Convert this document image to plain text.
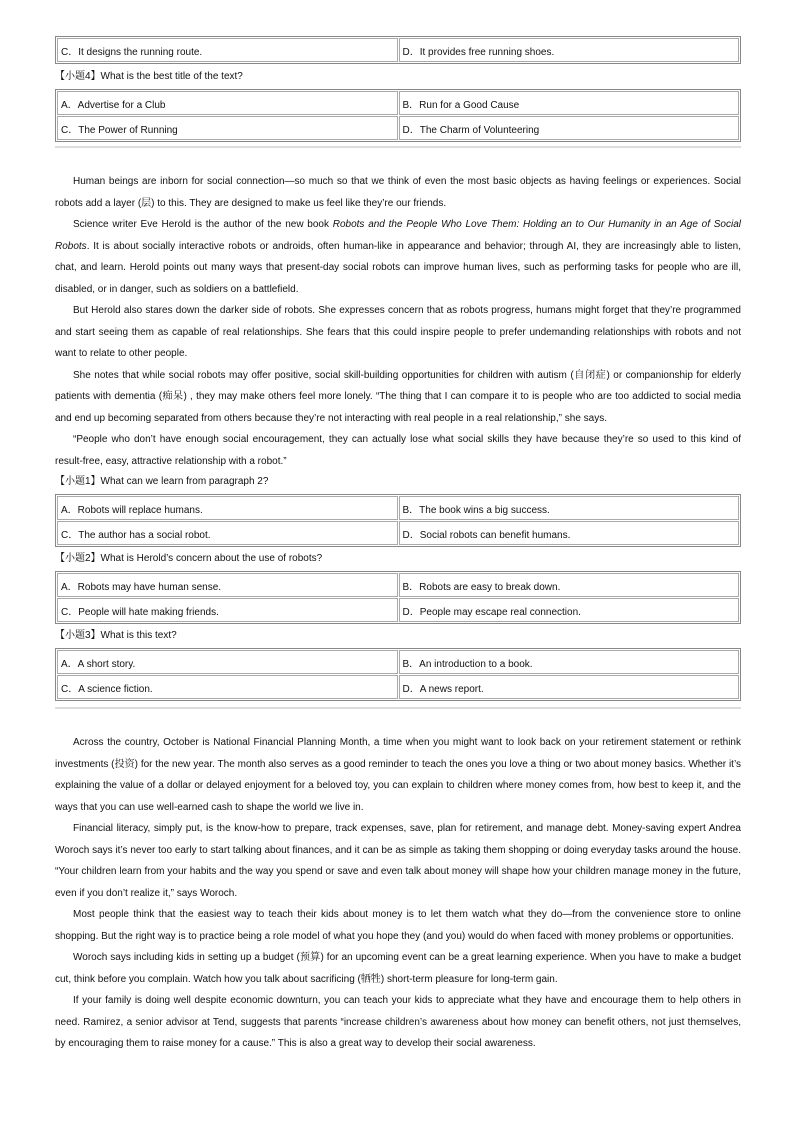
C．It designs the running route.	D．It provides free running shoes.
【小题4】What is the best title of the text?
A．Advertise for a Club	B．Run for a Good Cause
C．The Power of Running	D．The Charm of Volunteering

Human beings are inborn for social connection—so much so that we think of even the most basic objects as having feelings or experiences. Social robots add a layer (层) to this. They are designed to make us feel like they’re our friends.

Science writer Eve Herold is the author of the new book Robots and the People Who Love Them: Holding an to Our Humanity in an Age of Social Robots. It is about socially interactive robots or androids, often human-like in appearance and behavior; through AI, they are increasingly able to listen, chat, and learn. Herold points out many ways that present-day social robots can improve human lives, such as performing tasks for people who are ill, disabled, or in danger, such as soldiers on a battlefield.

But Herold also stares down the darker side of robots. She expresses concern that as robots progress, humans might forget that they’re programmed and start seeing them as capable of real relationships. She fears that this could inspire people to prefer undemanding relationships with robots and not want to relate to other people.

She notes that while social robots may offer positive, social skill-building opportunities for children with autism (自闭症) or companionship for elderly patients with dementia (痴呆) , they may make others feel more lonely. “The thing that I can compare it to is people who are too addicted to social media and end up becoming separated from others because they’re not interacting with real people in a real relationship,” she says.

“People who don’t have enough social encouragement, they can actually lose what social skills they have because they’re so used to this kind of result-free, easy, attractive relationship with a robot.”

【小题1】What can we learn from paragraph 2?
A．Robots will replace humans.	B．The book wins a big success.
C．The author has a social robot.	D．Social robots can benefit humans.
【小题2】What is Herold’s concern about the use of robots?
A．Robots may have human sense.	B．Robots are easy to break down.
C．People will hate making friends.	D．People may escape real connection.
【小题3】What is this text?
A．A short story.	B．An introduction to a book.
C．A science fiction.	D．A news report.

Across the country, October is National Financial Planning Month, a time when you might want to look back on your retirement statement or rethink investments (投资) for the new year. The month also serves as a good reminder to teach the ones you love a thing or two about money basics. Whether it’s explaining the value of a dollar or delayed enjoyment for a beloved toy, you can explain to children where money comes from, how best to keep it, and the ways that you can use well-earned cash to shape the world we live in.

Financial literacy, simply put, is the know-how to prepare, track expenses, save, plan for retirement, and manage debt. Money-saving expert Andrea Woroch says it’s never too early to start talking about finances, and it can be as simple as taking them shopping or doing everyday tasks around the house. “Your children learn from your habits and the way you spend or save and even talk about money will shape how your children manage money in the future, even if you don’t realize it,” says Woroch.

Most people think that the easiest way to teach their kids about money is to let them watch what they do—from the convenience store to online shopping. But the right way is to practice being a role model of what you hope they (and you) would do when faced with money problems or opportunities.

Woroch says including kids in setting up a budget (预算) for an upcoming event can be a great learning experience. When you have to make a budget cut, think before you complain. Watch how you talk about sacrificing (牺牲) short-term pleasure for long-term gain.

If your family is doing well despite economic downturn, you can teach your kids to appreciate what they have and encourage them to help others in need. Ramirez, a senior advisor at Tend, suggests that parents “increase children’s awareness about how money can benefit others, not just themselves, by encouraging them to raise money for a cause.” This is also a great way to develop their social awareness.
